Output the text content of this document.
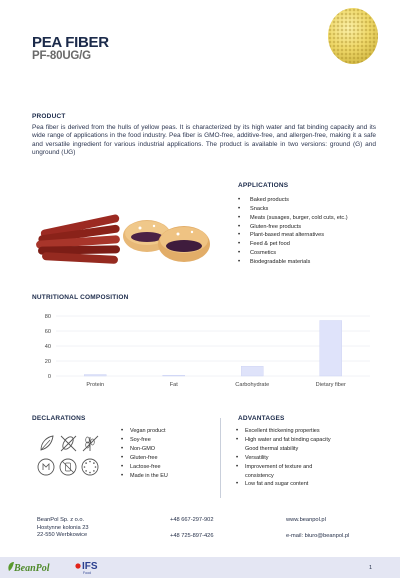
PEA FIBER
PF-80UG/G
PRODUCT

Pea fiber is derived from the hulls of yellow peas. It is characterized by its high water and fat binding capacity and its wide range of applications in the food industry. Pea fiber is GMO-free, additive-free, and allergen-free, making it a safe and versatile ingredient for various industrial applications. The product is available in two versions: ground (G) and unground (UG)

APPLICATIONS
• Baked products
• Snacks
• Meats (susages, burger, cold cuts, etc.)
• Gluten-free products
• Plant-based meat alternatives
• Feed & pet food
• Cosmetics
• Biodegradable materials
NUTRITIONAL COMPOSITION
0
20
40
60
80
Protein	Fat	Carbohydrate	Dietary fiber
DECLARATIONS
• Vegan product
• Soy-free
• Non-GMO
• Gluten-free
• Lactose-free
• Made in the EU
ADVANTAGES
• Excellent thickening properties
• High water and fat binding capacity
Good thermal stability
• Versatility
• Improvement of texture and
consistency
• Low fat and sugar content
BeanPol Sp. z o.o.
Hostynne kolonia 23
22-550 Werbkowice
+48 667-297-902
+48 725-897-426
www.beanpol.pl
e-mail: biuro@beanpol.pl
BeanPol	IFS
Food
1
